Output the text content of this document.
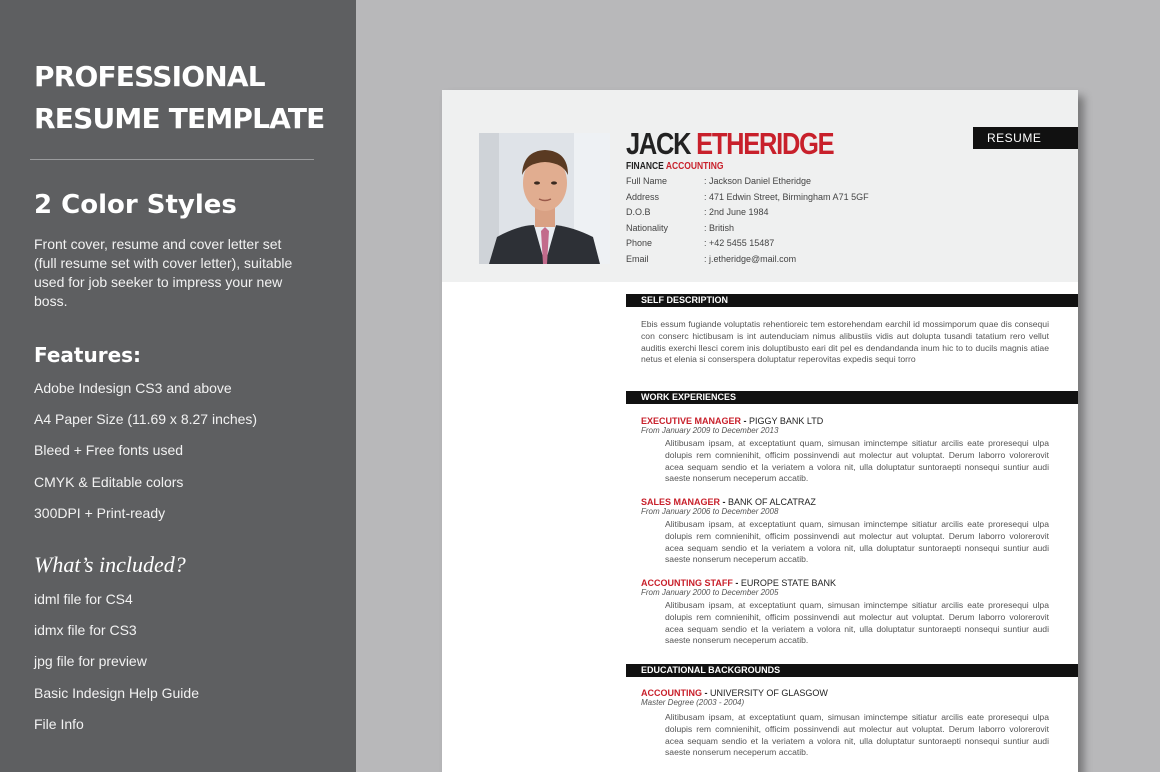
PROFESSIONAL
RESUME TEMPLATE
2 Color Styles
Front cover, resume and cover letter set (full resume set with cover letter), suitable used for job seeker to impress your new boss.
Features:
Adobe Indesign CS3 and above
A4 Paper Size (11.69 x 8.27 inches)
Bleed + Free fonts used
CMYK & Editable colors
300DPI + Print-ready
What’s included?
idml file for CS4
idmx file for CS3
jpg file for preview
Basic Indesign Help Guide
File Info
RESUME
JACK ETHERIDGE
FINANCE ACCOUNTING
Full Name	: Jackson Daniel Etheridge
Address	: 471 Edwin Street, Birmingham A71 5GF
D.O.B	: 2nd June 1984
Nationality	: British
Phone	: +42 5455 15487
Email	: j.etheridge@mail.com
SELF DESCRIPTION
Ebis essum fugiande voluptatis rehentioreic tem estorehendam earchil id mossimporum quae dis consequi con conserc hictibusam is int autenduciam nimus alibustiis vidis aut dolupta tusandi tatatium rero vellut auditis exerchi llesci corem inis doluptibusto eari dit pel es dendandanda inum hic to to ducils magnis atiae netus et elenia si conserspera doluptatur reperovitas expedis sequi torro
WORK EXPERIENCES
EXECUTIVE MANAGER - PIGGY BANK LTD
From January 2009 to December 2013
Alitibusam ipsam, at exceptatiunt quam, simusan iminctempe sitiatur arcilis eate proresequi ulpa dolupis rem comnienihit, officim possinvendi aut molectur aut voluptat. Derum laborro volorerovit acea sequam sendio et la veriatem a volora nit, ulla doluptatur suntoraepti nonsequi suntiur audi saeste nonserum neceperum accatib.
SALES MANAGER - BANK OF ALCATRAZ
From January 2006 to December 2008
Alitibusam ipsam, at exceptatiunt quam, simusan iminctempe sitiatur arcilis eate proresequi ulpa dolupis rem comnienihit, officim possinvendi aut molectur aut voluptat. Derum laborro volorerovit acea sequam sendio et la veriatem a volora nit, ulla doluptatur suntoraepti nonsequi suntiur audi saeste nonserum neceperum accatib.
ACCOUNTING STAFF - EUROPE STATE BANK
From January 2000 to December 2005
Alitibusam ipsam, at exceptatiunt quam, simusan iminctempe sitiatur arcilis eate proresequi ulpa dolupis rem comnienihit, officim possinvendi aut molectur aut voluptat. Derum laborro volorerovit acea sequam sendio et la veriatem a volora nit, ulla doluptatur suntoraepti nonsequi suntiur audi saeste nonserum neceperum accatib.
EDUCATIONAL BACKGROUNDS
ACCOUNTING - UNIVERSITY OF GLASGOW
Master Degree (2003 - 2004)
Alitibusam ipsam, at exceptatiunt quam, simusan iminctempe sitiatur arcilis eate proresequi ulpa dolupis rem comnienihit, officim possinvendi aut molectur aut voluptat. Derum laborro volorerovit acea sequam sendio et la veriatem a volora nit, ulla doluptatur suntoraepti nonsequi suntiur audi saeste nonserum neceperum accatib.
